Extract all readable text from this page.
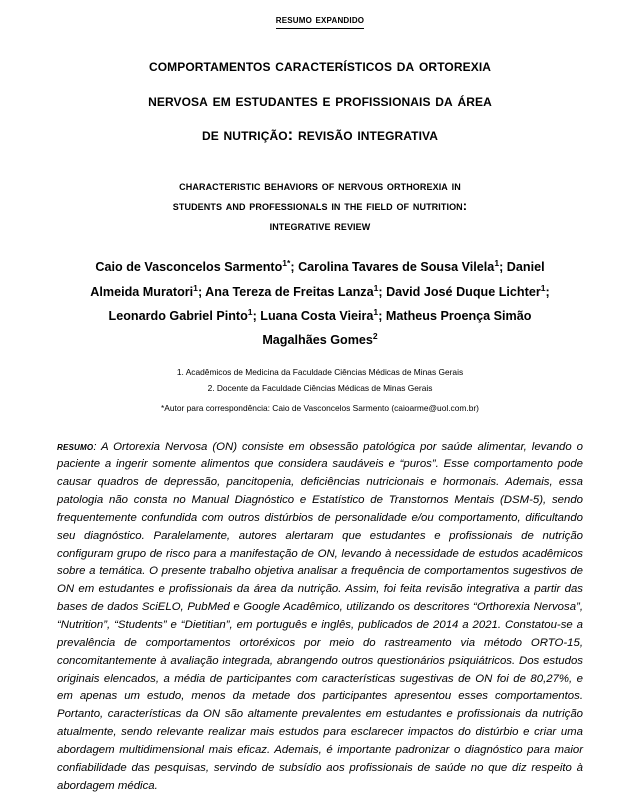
resumo expandido
comportamentos característicos da ortorexia
nervosa em estudantes e profissionais da área
de nutrição: revisão integrativa
characteristic behaviors of nervous orthorexia in
students and professionals in the field of nutrition:
integrative review
Caio de Vasconcelos Sarmento$^{1*}$; Carolina Tavares de Sousa Vilela$^1$; Daniel
Almeida Muratori$^1$; Ana Tereza de Freitas Lanza$^1$; David José Duque Lichter$^1$;
Leonardo Gabriel Pinto$^1$; Luana Costa Vieira$^1$; Matheus Proença Simão
Magalhães Gomes$^2$
1. Acadêmicos de Medicina da Faculdade Ciências Médicas de Minas Gerais
2. Docente da Faculdade Ciências Médicas de Minas Gerais
*Autor para correspondência: Caio de Vasconcelos Sarmento (caioarme@uol.com.br)
resumo: A Ortorexia Nervosa (ON) consiste em obsessão patológica por saúde alimentar, levando o paciente a ingerir somente alimentos que considera saudáveis e “puros”. Esse comportamento pode causar quadros de depressão, pancitopenia, deficiências nutricionais e hormonais. Ademais, essa patologia não consta no Manual Diagnóstico e Estatístico de Transtornos Mentais (DSM-5), sendo frequentemente confundida com outros distúrbios de personalidade e/ou comportamento, dificultando seu diagnóstico. Paralelamente, autores alertaram que estudantes e profissionais de nutrição configuram grupo de risco para a manifestação de ON, levando à necessidade de estudos acadêmicos sobre a temática. O presente trabalho objetiva analisar a frequência de comportamentos sugestivos de ON em estudantes e profissionais da área da nutrição. Assim, foi feita revisão integrativa a partir das bases de dados SciELO, PubMed e Google Acadêmico, utilizando os descritores “Orthorexia Nervosa”, “Nutrition”, “Students” e “Dietitian”, em português e inglês, publicados de 2014 a 2021. Constatou-se a prevalência de comportamentos ortoréxicos por meio do rastreamento via método ORTO-15, concomitantemente à avaliação integrada, abrangendo outros questionários psiquiátricos. Dos estudos originais elencados, a média de participantes com características sugestivas de ON foi de 80,27%, e em apenas um estudo, menos da metade dos participantes apresentou esses comportamentos. Portanto, características da ON são altamente prevalentes em estudantes e profissionais da nutrição atualmente, sendo relevante realizar mais estudos para esclarecer impactos do distúrbio e criar uma abordagem multidimensional mais eficaz. Ademais, é importante padronizar o diagnóstico para maior confiabilidade das pesquisas, servindo de subsídio aos profissionais de saúde no que diz respeito à abordagem médica.
